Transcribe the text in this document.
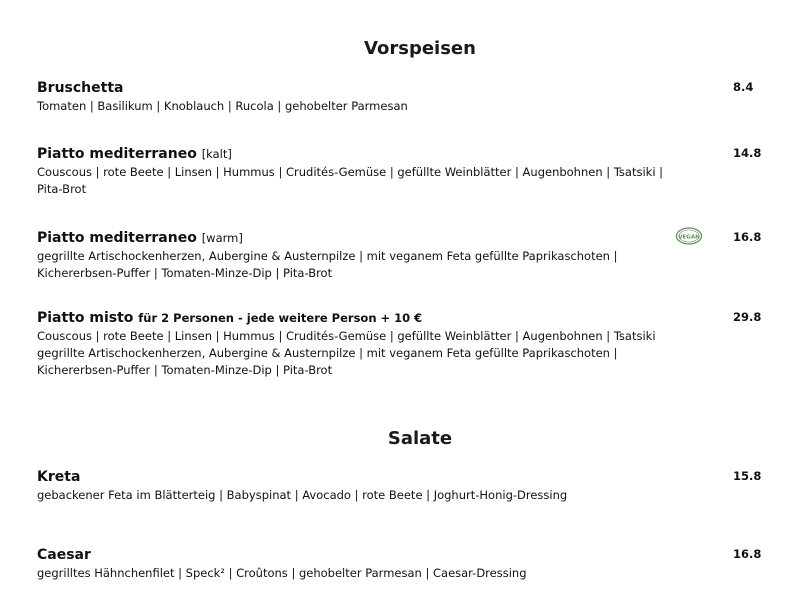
Vorspeisen
Bruschetta
Tomaten | Basilikum | Knoblauch | Rucola | gehobelter Parmesan
8.4
Piatto mediterraneo [kalt]
Couscous | rote Beete | Linsen | Hummus | Crudités-Gemüse | gefüllte Weinblätter | Augenbohnen | Tsatsiki |
Pita-Brot
14.8
Piatto mediterraneo [warm]
gegrillte Artischockenherzen, Aubergine & Austernpilze | mit veganem Feta gefüllte Paprikaschoten |
Kichererbsen-Puffer | Tomaten-Minze-Dip | Pita-Brot
VEGAN	16.8
Piatto misto für 2 Personen - jede weitere Person + 10 €
Couscous | rote Beete | Linsen | Hummus | Crudités-Gemüse | gefüllte Weinblätter | Augenbohnen | Tsatsiki
gegrillte Artischockenherzen, Aubergine & Austernpilze | mit veganem Feta gefüllte Paprikaschoten |
Kichererbsen-Puffer | Tomaten-Minze-Dip | Pita-Brot
29.8
Salate
Kreta
gebackener Feta im Blätterteig | Babyspinat | Avocado | rote Beete | Joghurt-Honig-Dressing
15.8
Caesar
gegrilltes Hähnchenfilet | Speck² | Croûtons | gehobelter Parmesan | Caesar-Dressing
16.8
